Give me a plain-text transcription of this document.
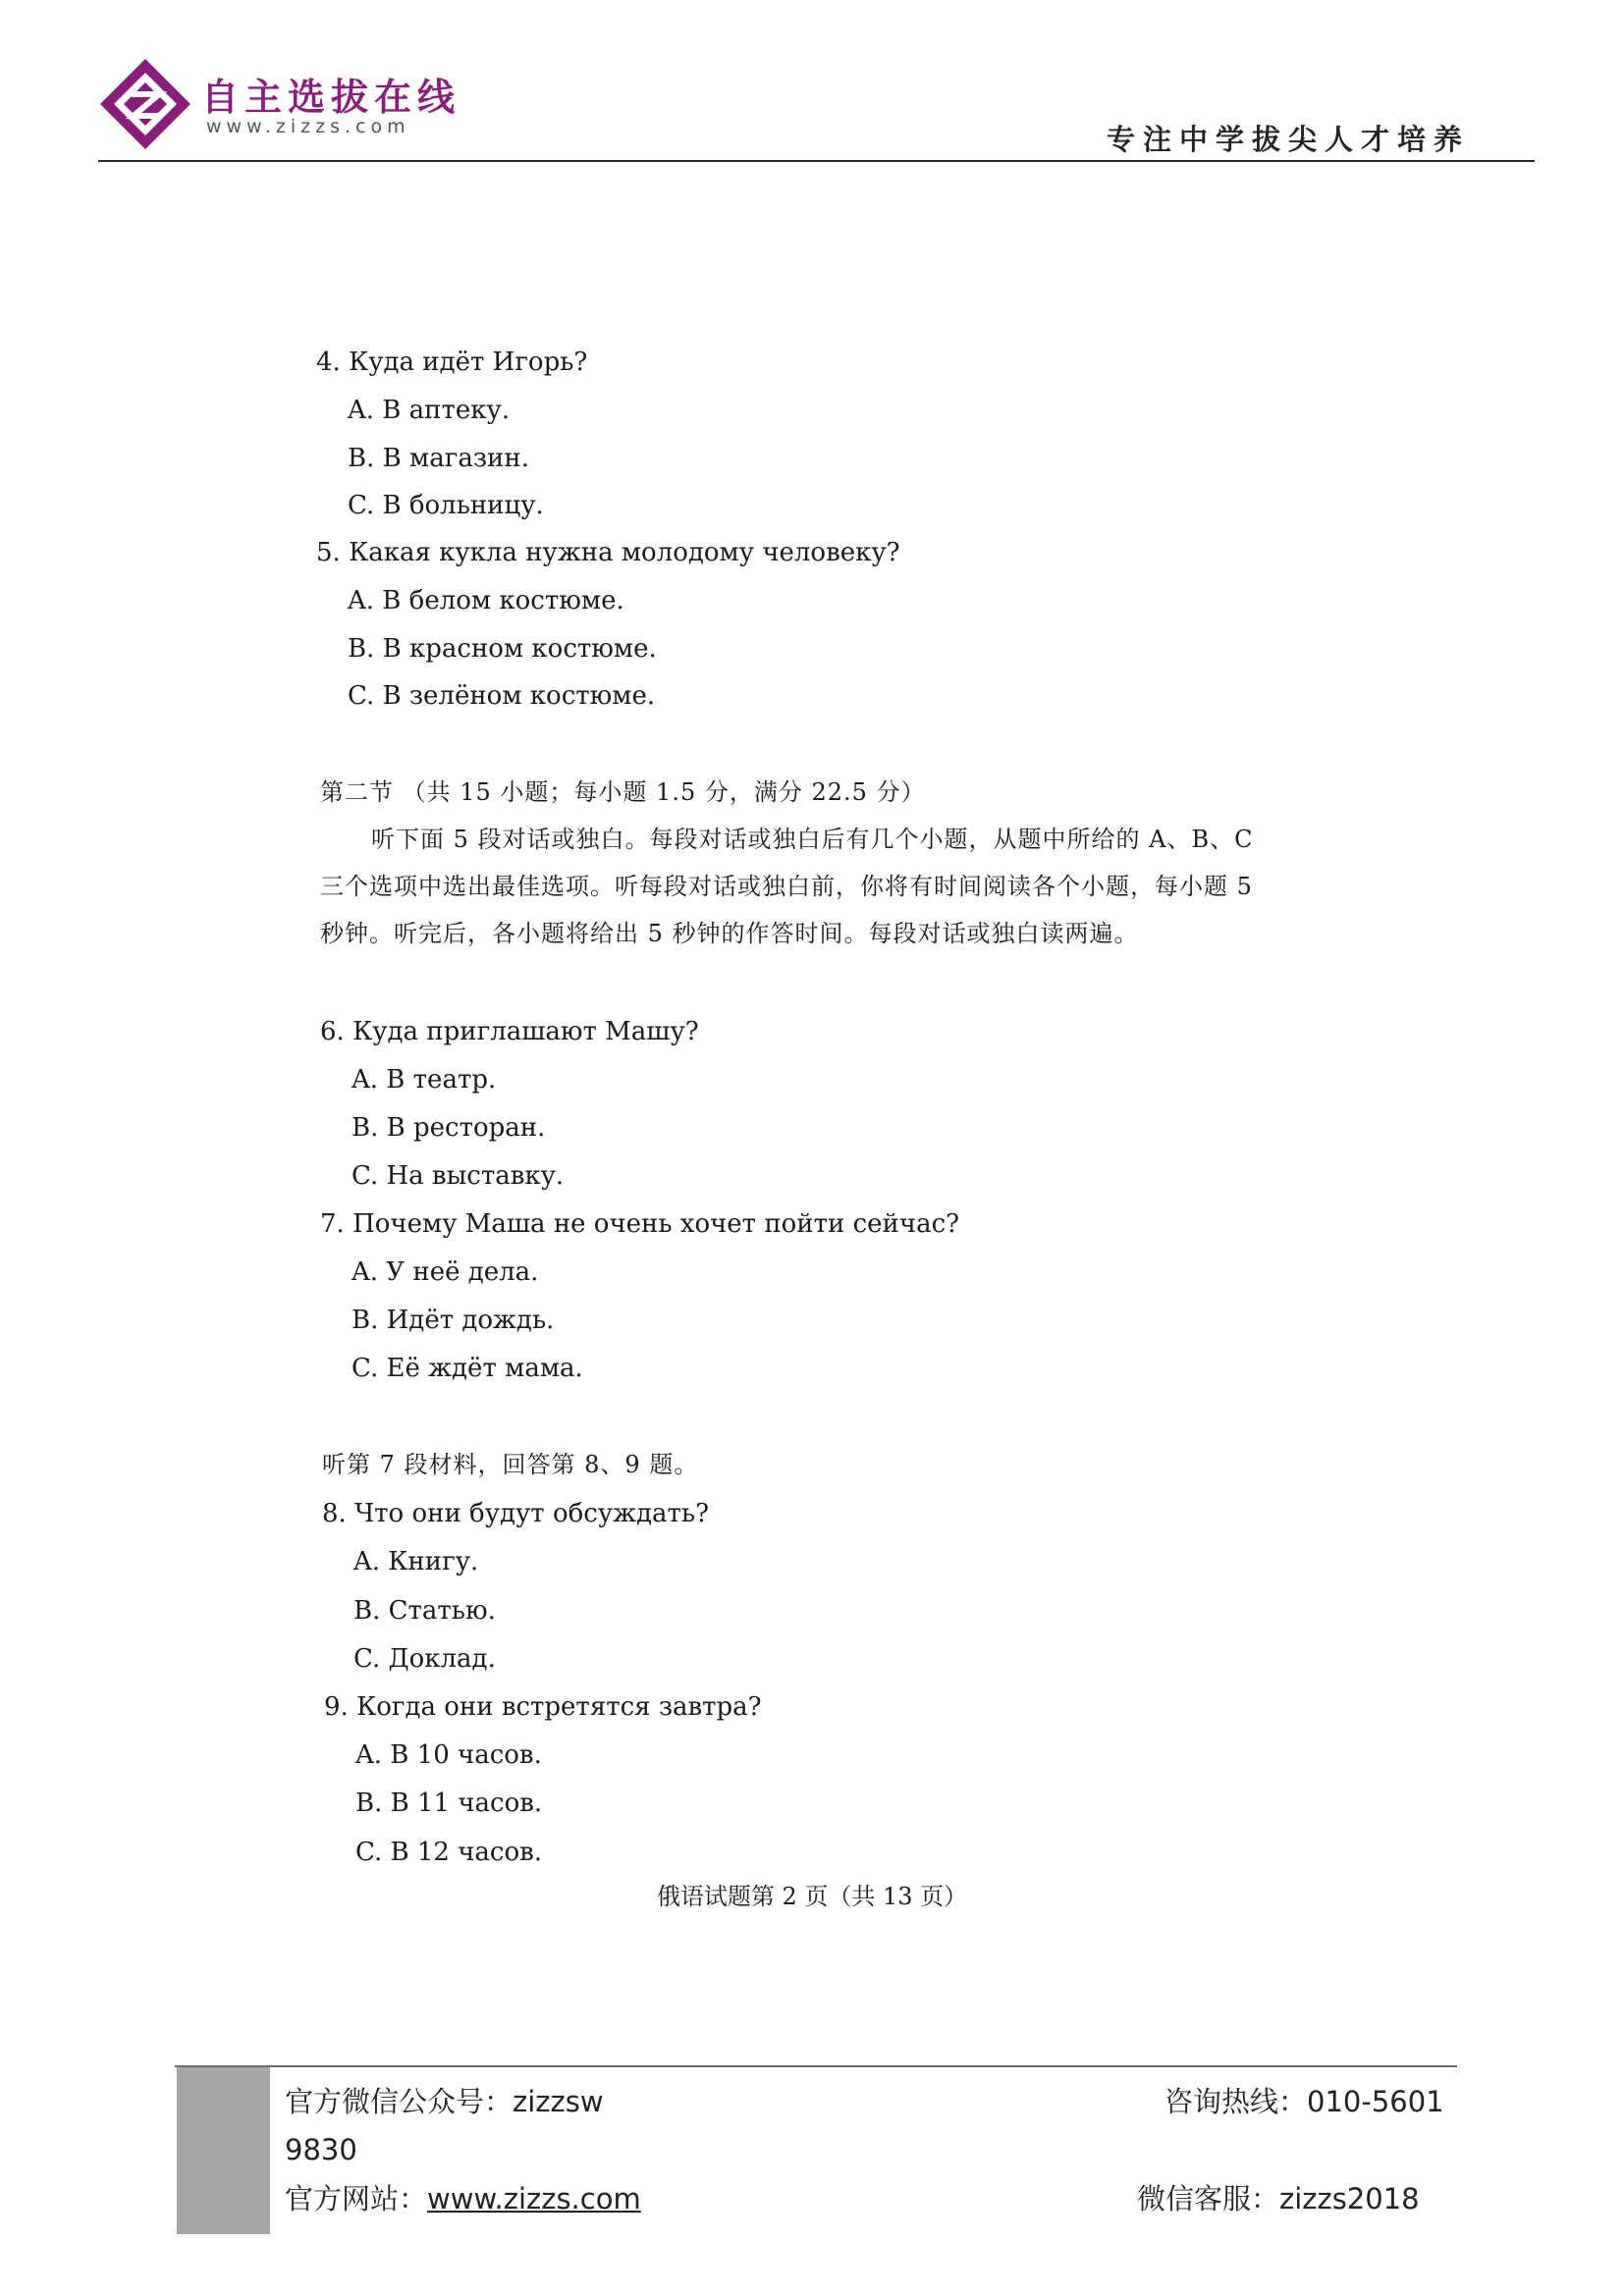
自主选拔在线
www.zizzs.com	专注中学拔尖人才培养
4. Куда идёт Игорь?
A. В аптеку.
B. В магазин.
C. В больницу.
5. Какая кукла нужна молодому человеку?
A. В белом костюме.
B. В красном костюме.
C. В зелёном костюме.
第二节 （共 15 小题；每小题 1.5 分，满分 22.5 分）
听下面 5 段对话或独白。每段对话或独白后有几个小题，从题中所给的 A、B、C
三个选项中选出最佳选项。听每段对话或独白前，你将有时间阅读各个小题，每小题 5
秒钟。听完后，各小题将给出 5 秒钟的作答时间。每段对话或独白读两遍。
6. Куда приглашают Машу?
A. В театр.
B. В ресторан.
C. На выставку.
7. Почему Маша не очень хочет пойти сейчас?
A. У неё дела.
B. Идёт дождь.
C. Её ждёт мама.
听第 7 段材料，回答第 8、9 题。
8. Что они будут обсуждать?
A. Книгу.
B. Статью.
C. Доклад.
9. Когда они встретятся завтра?
A. В 10 часов.
B. В 11 часов.
C. В 12 часов.
俄语试题第 2 页（共 13 页）
官方微信公众号：zizzsw
9830
官方网站：www.zizzs.com
咨询热线：010-5601
微信客服：zizzs2018
